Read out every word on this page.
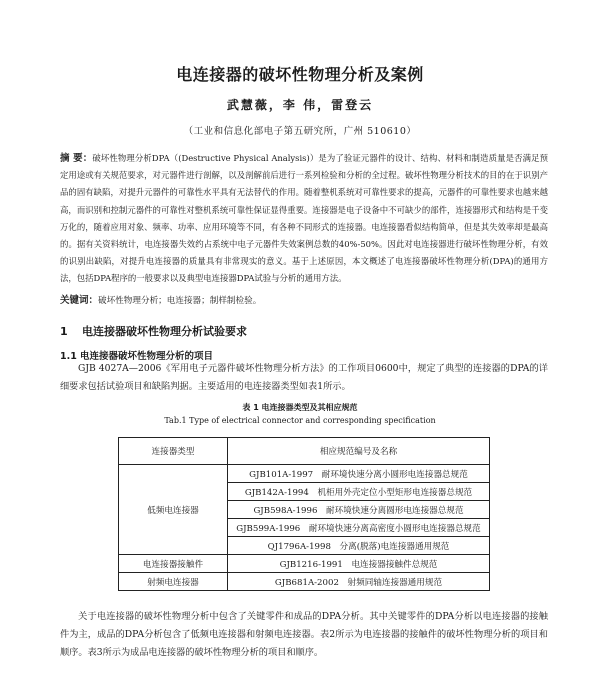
电连接器的破坏性物理分析及案例
武慧薇，李 伟，雷登云
（工业和信息化部电子第五研究所，广州 510610）
摘 要：破坏性物理分析DPA（(Destructive Physical Analysis)）是为了验证元器件的设计、结构、材料和制造质量是否满足预定用途或有关规范要求，对元器件进行剖解，以及剖解前后进行一系列检验和分析的全过程。破坏性物理分析技术的目的在于识别产品的固有缺陷，对提升元器件的可靠性水平具有无法替代的作用。随着整机系统对可靠性要求的提高，元器件的可靠性要求也越来越高，而识别和控制元器件的可靠性对整机系统可靠性保证显得重要。连接器是电子设备中不可缺少的部件，连接器形式和结构是千变万化的，随着应用对象、频率、功率、应用环境等不同，有各种不同形式的连接器。电连接器看似结构简单，但是其失效率却是最高的。据有关资料统计，电连接器失效约占系统中电子元器件失效案例总数的40%-50%。因此对电连接器进行破坏性物理分析，有效的识别出缺陷，对提升电连接器的质量具有非常现实的意义。基于上述原因，本文概述了电连接器破坏性物理分析(DPA)的通用方法，包括DPA程序的一般要求以及典型电连接器DPA试验与分析的通用方法。
关键词：破坏性物理分析；电连接器；制样制检验。
1 电连接器破坏性物理分析试验要求
1.1 电连接器破坏性物理分析的项目
GJB 4027A—2006《军用电子元器件破坏性物理分析方法》的工作项目0600中，规定了典型的连接器的DPA的详细要求包括试验项目和缺陷判据。主要适用的电连接器类型如表1所示。
表 1 电连接器类型及其相应规范
Tab.1 Type of electrical connector and corresponding specification
连接器类型	相应规范编号及名称
低频电连接器	GJB101A-1997　耐环境快速分离小圆形电连接器总规范
	GJB142A-1994　机柜用外壳定位小型矩形电连接器总规范
	GJB598A-1996　耐环境快速分离圆形电连接器总规范
	GJB599A-1996　耐环境快速分离高密度小圆形电连接器总规范
	QJ1796A-1998　分离(脱落)电连接器通用规范
电连接器接触件	GJB1216-1991　电连接器接触件总规范
射频电连接器	GJB681A-2002　射频同轴连接器通用规范
关于电连接器的破坏性物理分析中包含了关键零件和成品的DPA分析。其中关键零件的DPA分析以电连接器的接触件为主，成品的DPA分析包含了低频电连接器和射频电连接器。表2所示为电连接器的接触件的破坏性物理分析的项目和顺序。表3所示为成品电连接器的破坏性物理分析的项目和顺序。
